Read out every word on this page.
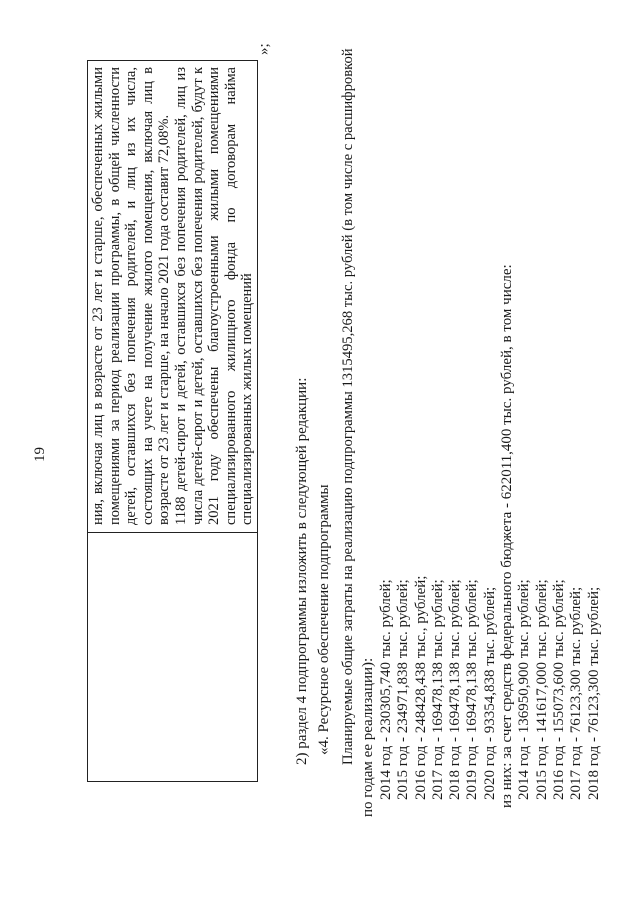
19	ния, включая лиц в возрасте от 23 лет и старше, обеспеченных жилыми помещениями за период реализации программы, в общей численности детей, оставшихся без попечения родителей, и лиц из их числа, состоящих на учете на получение жилого помещения, включая лиц в возрасте от 23 лет и старше, на начало 2021 года составит 72,08%. 1188 детей-сирот и детей, оставшихся без попечения родителей, лиц из числа детей-сирот и детей, оставшихся без попечения родителей, будут к 2021 году обеспечены благоустроенными жилыми помещениями специализированного жилищного фонда по договорам найма специализированных жилых помещений

»;
2) раздел 4 подпрограммы изложить в следующей редакции: «4. Ресурсное обеспечение подпрограммы Планируемые общие затраты на реализацию подпрограммы 1315495,268 тыс. рублей (в том числе с расшифровкой по годам ее реализации): 2014 год - 230305,740 тыс. рублей; 2015 год - 234971,838 тыс. рублей; 2016 год - 248428,438 тыс., рублей; 2017 год - 169478,138 тыс. рублей; 2018 год - 169478,138 тыс. рублей; 2019 год - 169478,138 тыс. рублей; 2020 год - 93354,838 тыс. рублей; из них: за счет средств федерального бюджета - 622011,400 тыс. рублей, в том числе: 2014 год - 136950,900 тыс. рублей; 2015 год - 141617,000 тыс. рублей; 2016 год - 155073,600 тыс. рублей; 2017 год - 76123,300 тыс. рублей; 2018 год - 76123,300 тыс. рублей;
